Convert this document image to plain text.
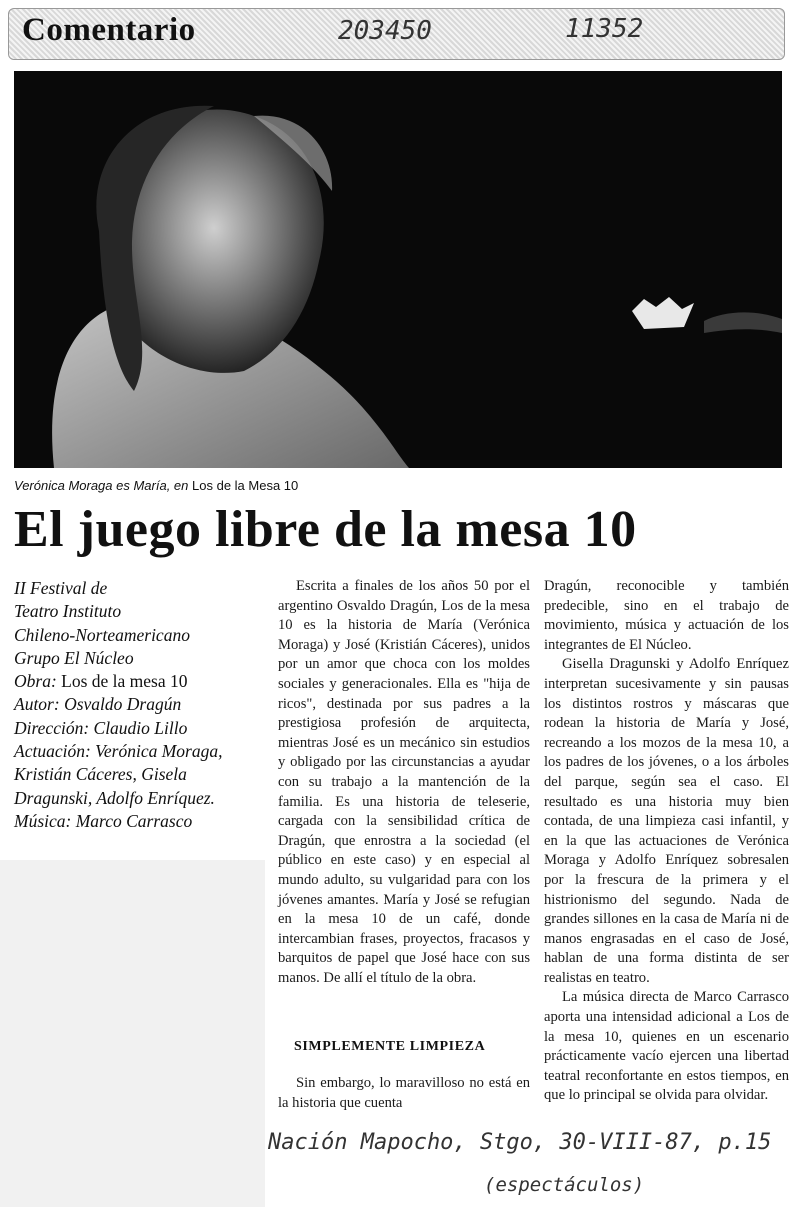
Comentario	203450	11352
Verónica Moraga es María, en Los de la Mesa 10
El juego libre de la mesa 10
II Festival de
Teatro Instituto
Chileno-Norteamericano
Grupo El Núcleo
Obra: Los de la mesa 10
Autor: Osvaldo Dragún
Dirección: Claudio Lillo
Actuación: Verónica Moraga,
Kristián Cáceres, Gisela
Dragunski, Adolfo Enríquez.
Música: Marco Carrasco

Escrita a finales de los años 50 por el argentino Osvaldo Dragún, Los de la mesa 10 es la historia de María (Verónica Moraga) y José (Kristián Cáceres), unidos por un amor que choca con los moldes sociales y generacionales. Ella es "hija de ricos", destinada por sus padres a la prestigiosa profesión de arquitecta, mientras José es un mecánico sin estudios y obligado por las circunstancias a ayudar con su trabajo a la mantención de la familia. Es una historia de teleserie, cargada con la sensibilidad crítica de Dragún, que enrostra a la sociedad (el público en este caso) y en especial al mundo adulto, su vulgaridad para con los jóvenes amantes. María y José se refugian en la mesa 10 de un café, donde intercambian frases, proyectos, fracasos y barquitos de papel que José hace con sus manos. De allí el título de la obra.

SIMPLEMENTE LIMPIEZA

Sin embargo, lo maravilloso no está en la historia que cuenta

Dragún, reconocible y también predecible, sino en el trabajo de movimiento, música y actuación de los integrantes de El Núcleo.

Gisella Dragunski y Adolfo Enríquez interpretan sucesivamente y sin pausas los distintos rostros y máscaras que rodean la historia de María y José, recreando a los mozos de la mesa 10, a los padres de los jóvenes, o a los árboles del parque, según sea el caso. El resultado es una historia muy bien contada, de una limpieza casi infantil, y en la que las actuaciones de Verónica Moraga y Adolfo Enríquez sobresalen por la frescura de la primera y el histrionismo del segundo. Nada de grandes sillones en la casa de María ni de manos engrasadas en el caso de José, hablan de una forma distinta de ser realistas en teatro.

La música directa de Marco Carrasco aporta una intensidad adicional a Los de la mesa 10, quienes en un escenario prácticamente vacío ejercen una libertad teatral reconfortante en estos tiempos, en que lo principal se olvida para olvidar.

Nación Mapocho, Stgo, 30-VIII-87, p.15
(espectáculos)
